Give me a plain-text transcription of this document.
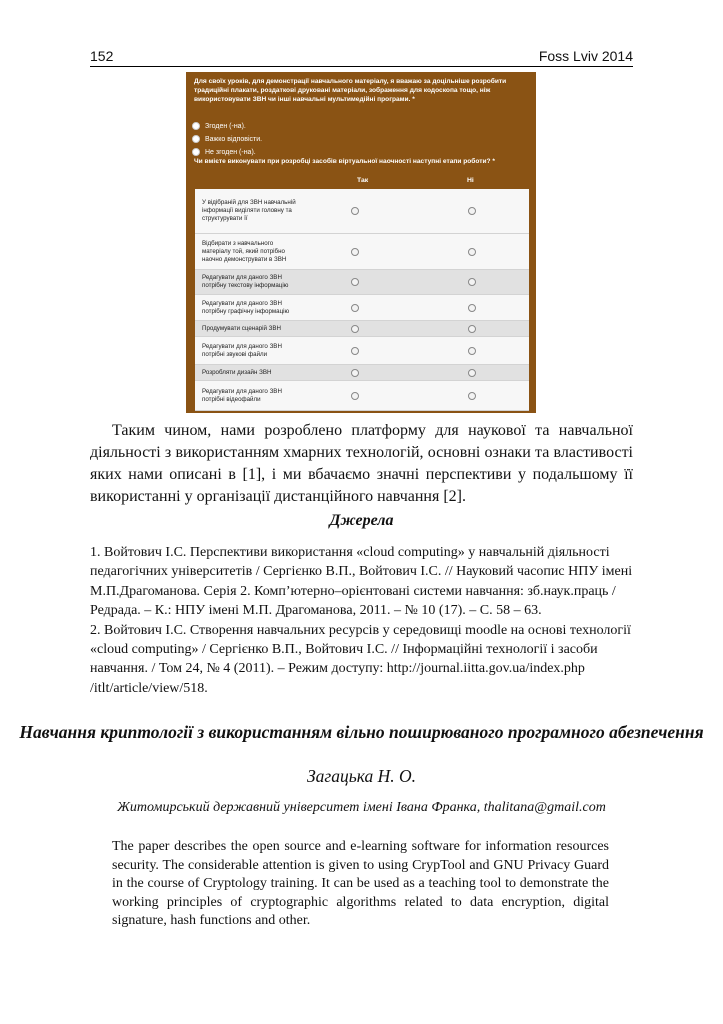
152	Foss Lviv 2014
Для своїх уроків, для демонстрації навчального матеріалу, я вважаю за доцільніше розробити традиційні плакати, роздаткові друковані матеріали, зображення для кодоскопа тощо, ніж використовувати ЗВН чи інші навчальні мультимедійні програми. *
Згоден (-на).
Важко відповісти.
Не згоден (-на).
Чи вмієте виконувати при розробці засобів віртуальної наочності наступні етапи роботи? *
Так	Ні
У відібраній для ЗВН навчальній інформації виділяти головну та структурувати її
Відбирати з навчального матеріалу той, який потрібно наочно демонструвати в ЗВН
Редагувати для даного ЗВН потрібну текстову інформацію
Редагувати для даного ЗВН потрібну графічну інформацію
Продумувати сценарій ЗВН
Редагувати для даного ЗВН потрібні звукові файли
Розробляти дизайн ЗВН
Редагувати для даного ЗВН потрібні відеофайли
Таким чином, нами розроблено платформу для наукової та навчальної діяльності з використанням хмарних технологій, основні ознаки та властивості яких нами описані в [1], і ми вбачаємо значні перспективи у подальшому її використанні у організації дистанційного навчання [2].
Джерела

1. Войтович І.С. Перспективи використання «cloud computing» у навчальній діяльності педагогічних університетів / Сергієнко В.П., Войтович І.С. // Науковий часопис НПУ імені М.П.Драгоманова. Серія 2. Комп’ютерно–орієнтовані системи навчання: зб.наук.праць / Редрада. – К.: НПУ імені М.П. Драгоманова, 2011. – № 10 (17). – С. 58 – 63.

2. Войтович І.С. Створення навчальних ресурсів у середовищі moodle на основі технології «cloud computing» / Сергієнко В.П., Войтович І.С. // Інформаційні технології і засоби навчання. / Том 24, № 4 (2011). – Режим доступу: http://journal.iitta.gov.ua/index.php /itlt/article/view/518.

Навчання криптології з використанням вільно поширюваного програмного абезпечення
Загацька Н. О.
Житомирський державний університет імені Івана Франка, thalitana@gmail.com
The paper describes the open source and e-learning software for information resources security. The considerable attention is given to using CrypTool and GNU Privacy Guard in the course of Cryptology training. It can be used as a teaching tool to demonstrate the working principles of cryptographic algorithms related to data encryption, digital signature, hash functions and other.
